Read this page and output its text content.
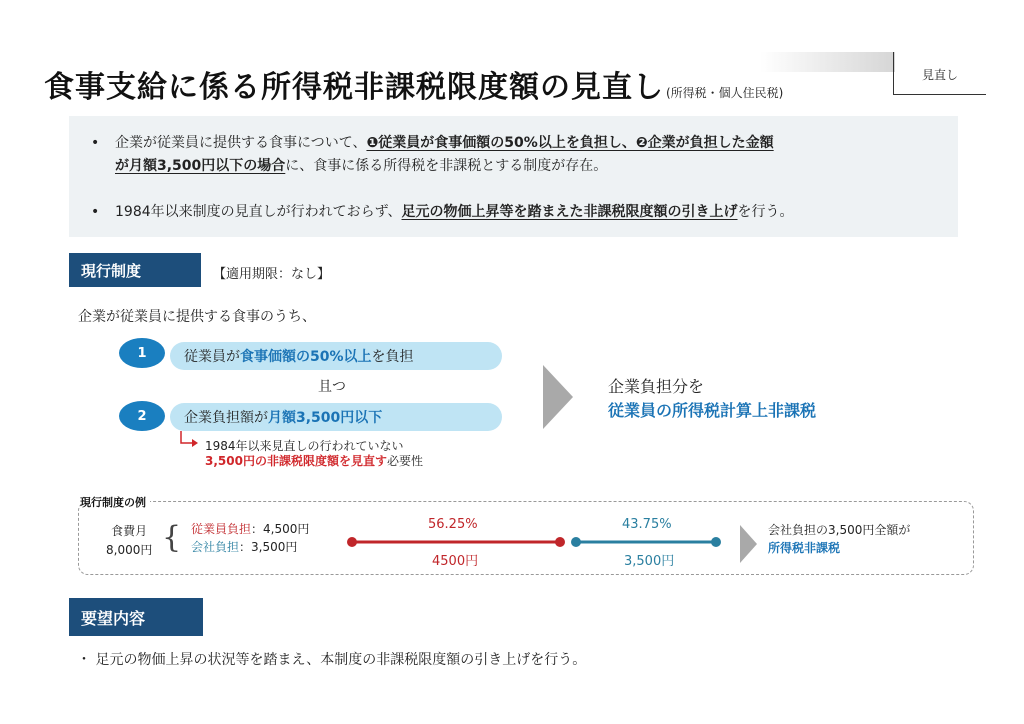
食事支給に係る所得税非課税限度額の見直し (所得税・個人住民税)
見直し
• 企業が従業員に提供する食事について、❶従業員が食事価額の50%以上を負担し、❷企業が負担した金額
が月額3,500円以下の場合に、食事に係る所得税を非課税とする制度が存在。
• 1984年以来制度の見直しが行われておらず、足元の物価上昇等を踏まえた非課税限度額の引き上げを行う。
現行制度	【適用期限：なし】
企業が従業員に提供する食事のうち、
従業員が 食事価額の50%以上 を負担
1
且つ
企業負担額が 月額3,500円以下
2
1984年以来見直しの行われていない
3,500円の非課税限度額を見直す必要性
企業負担分を
従業員の所得税計算上非課税
現行制度の例
食費月
8,000円 { 従業員負担：4,500円
会社負担：3,500円
56.25%
4500円
43.75%
3,500円
会社負担の3,500円全額が
所得税非課税
要望内容
・ 足元の物価上昇の状況等を踏まえ、本制度の非課税限度額の引き上げを行う。
